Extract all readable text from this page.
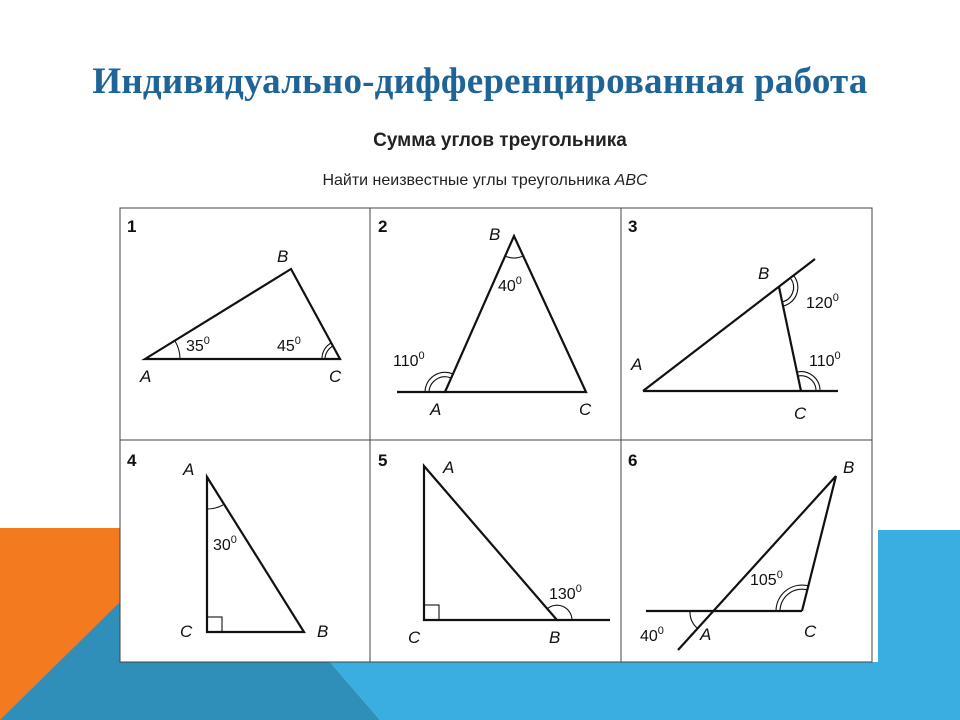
Индивидуально-дифференцированная работа
Сумма углов треугольника
Найти неизвестные углы треугольника ABC
1
$35^0$	$45^0$
A
B
C
2
$40^0$
$110^0$
A
B
C
3
$120^0$
$110^0$
A
B
C
4
$30^0$
A
B
C
5
$130^0$
A
B
C
6
$105^0$
$40^0$ A
B
C
